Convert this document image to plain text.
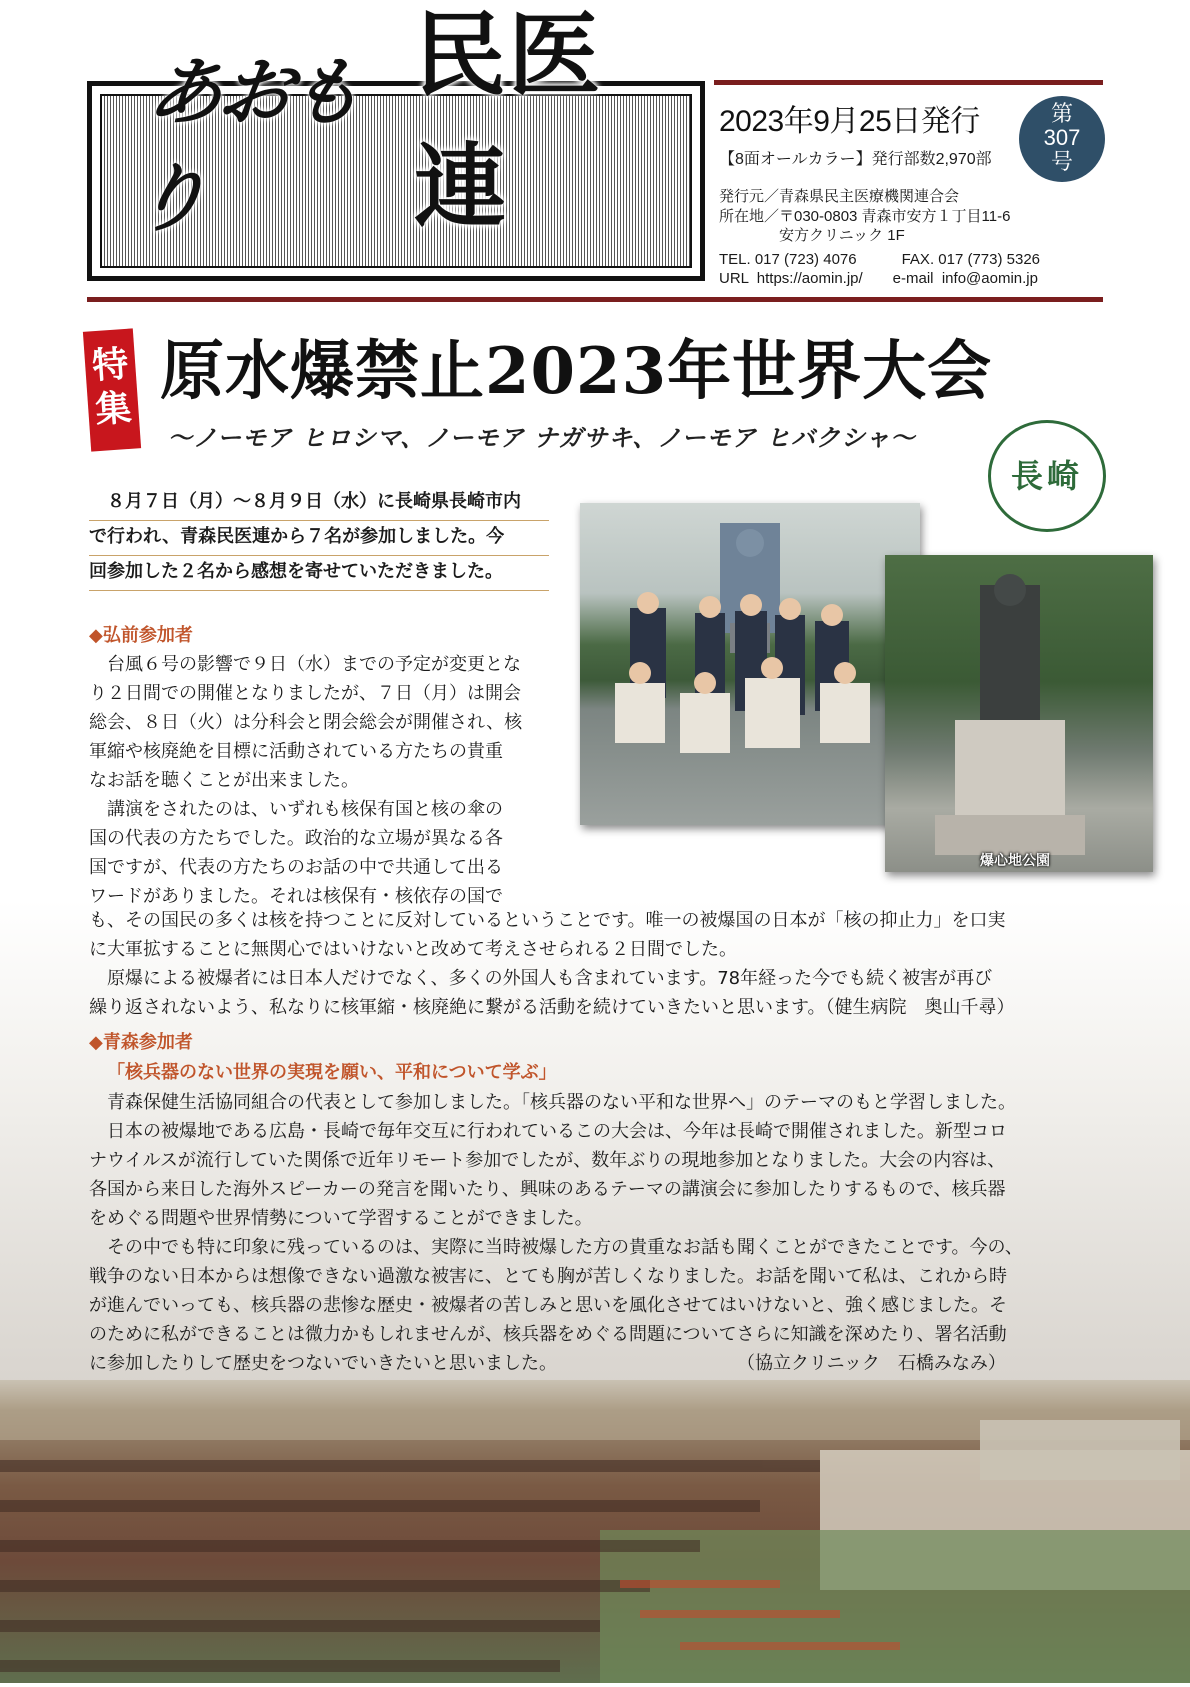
あおもり
民医連
2023年9月25日発行
【8面オールカラー】発行部数2,970部
第
307
号
発行元／青森県民主医療機関連合会
所在地／〒030-0803 青森市安方１丁目11-6
　　　　安方クリニック 1F
TEL. 017 (723) 4076　　　FAX. 017 (773) 5326
URL  https://aomin.jp/　　e-mail  info@aomin.jp
特集
原水爆禁止2023年世界大会
〜ノーモア ヒロシマ、ノーモア ナガサキ、ノーモア ヒバクシャ〜
長崎
　８月７日（月）〜８月９日（水）に長崎県長崎市内
で行われ、青森民医連から７名が参加しました。今
回参加した２名から感想を寄せていただきました。
爆心地公園
◆弘前参加者
　台風６号の影響で９日（水）までの予定が変更とな
り２日間での開催となりましたが、７日（月）は開会
総会、８日（火）は分科会と閉会総会が開催され、核
軍縮や核廃絶を目標に活動されている方たちの貴重
なお話を聴くことが出来ました。
　講演をされたのは、いずれも核保有国と核の傘の
国の代表の方たちでした。政治的な立場が異なる各
国ですが、代表の方たちのお話の中で共通して出る
ワードがありました。それは核保有・核依存の国で
も、その国民の多くは核を持つことに反対しているということです。唯一の被爆国の日本が「核の抑止力」を口実
に大軍拡することに無関心ではいけないと改めて考えさせられる２日間でした。
　原爆による被爆者には日本人だけでなく、多くの外国人も含まれています。78年経った今でも続く被害が再び
繰り返されないよう、私なりに核軍縮・核廃絶に繋がる活動を続けていきたいと思います。（健生病院　奥山千尋）
◆青森参加者
「核兵器のない世界の実現を願い、平和について学ぶ」
　青森保健生活協同組合の代表として参加しました。「核兵器のない平和な世界へ」のテーマのもと学習しました。
　日本の被爆地である広島・長崎で毎年交互に行われているこの大会は、今年は長崎で開催されました。新型コロ
ナウイルスが流行していた関係で近年リモート参加でしたが、数年ぶりの現地参加となりました。大会の内容は、
各国から来日した海外スピーカーの発言を聞いたり、興味のあるテーマの講演会に参加したりするもので、核兵器
をめぐる問題や世界情勢について学習することができました。
　その中でも特に印象に残っているのは、実際に当時被爆した方の貴重なお話も聞くことができたことです。今の、
戦争のない日本からは想像できない過激な被害に、とても胸が苦しくなりました。お話を聞いて私は、これから時
が進んでいっても、核兵器の悲惨な歴史・被爆者の苦しみと思いを風化させてはいけないと、強く感じました。そ
のために私ができることは微力かもしれませんが、核兵器をめぐる問題についてさらに知識を深めたり、署名活動
に参加したりして歴史をつないでいきたいと思いました。　　　　　　　　　　　（協立クリニック　石橋みなみ）
